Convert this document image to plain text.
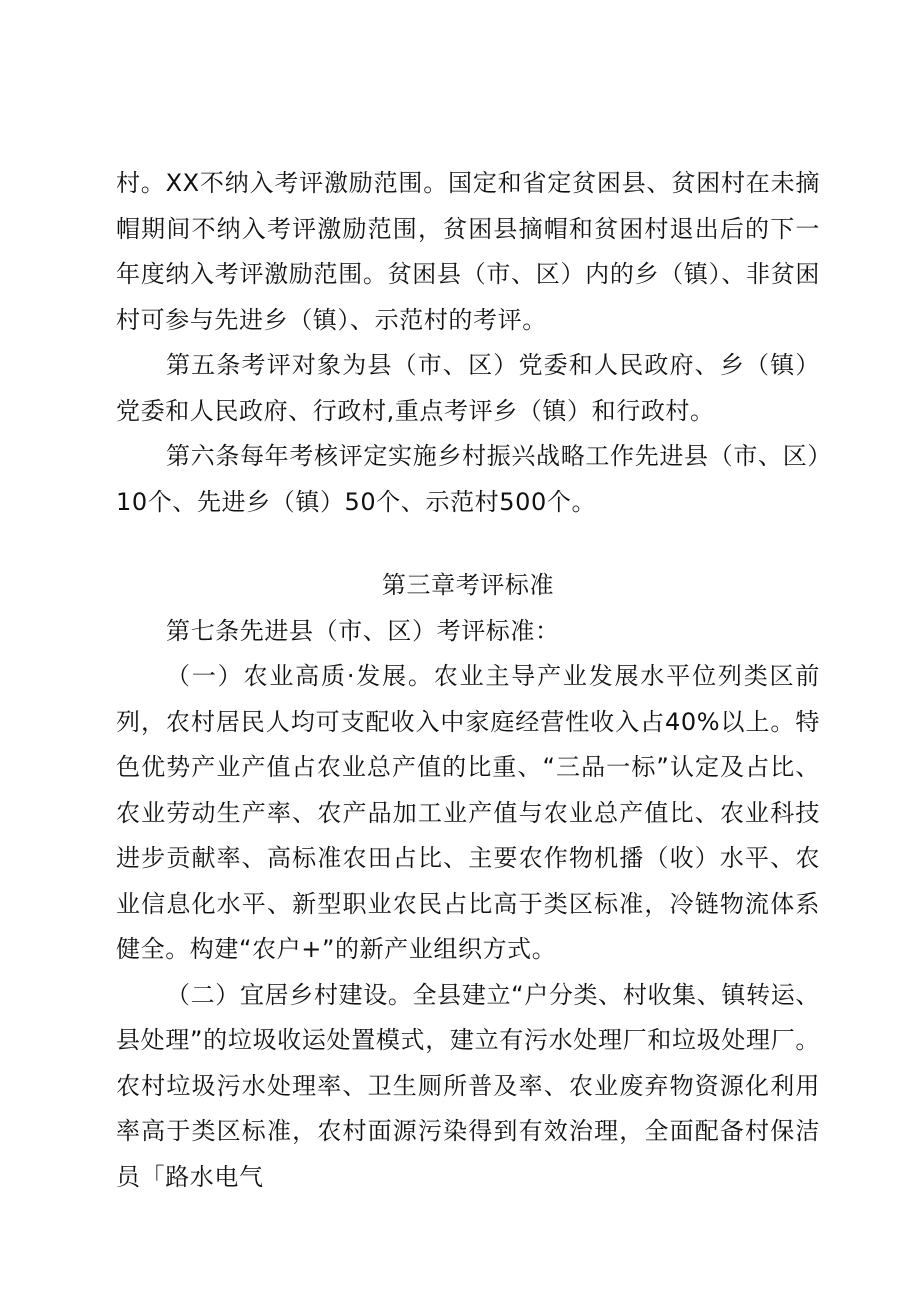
村。XX不纳入考评激励范围。国定和省定贫困县、贫困村在未摘帽期间不纳入考评激励范围，贫困县摘帽和贫困村退出后的下一年度纳入考评激励范围。贫困县（市、区）内的乡（镇）、非贫困村可参与先进乡（镇）、示范村的考评。

第五条考评对象为县（市、区）党委和人民政府、乡（镇）党委和人民政府、行政村,重点考评乡（镇）和行政村。

第六条每年考核评定实施乡村振兴战略工作先进县（市、区）10个、先进乡（镇）50个、示范村500个。

第三章考评标准

第七条先进县（市、区）考评标准：

（一）农业高质·发展。农业主导产业发展水平位列类区前列，农村居民人均可支配收入中家庭经营性收入占40%以上。特色优势产业产值占农业总产值的比重、“三品一标”认定及占比、农业劳动生产率、农产品加工业产值与农业总产值比、农业科技进步贡献率、高标准农田占比、主要农作物机播（收）水平、农业信息化水平、新型职业农民占比高于类区标准，冷链物流体系健全。构建“农户+”的新产业组织方式。

（二）宜居乡村建设。全县建立“户分类、村收集、镇转运、县处理”的垃圾收运处置模式，建立有污水处理厂和垃圾处理厂。农村垃圾污水处理率、卫生厕所普及率、农业废弃物资源化利用率高于类区标准，农村面源污染得到有效治理，全面配备村保洁员「路水电气
